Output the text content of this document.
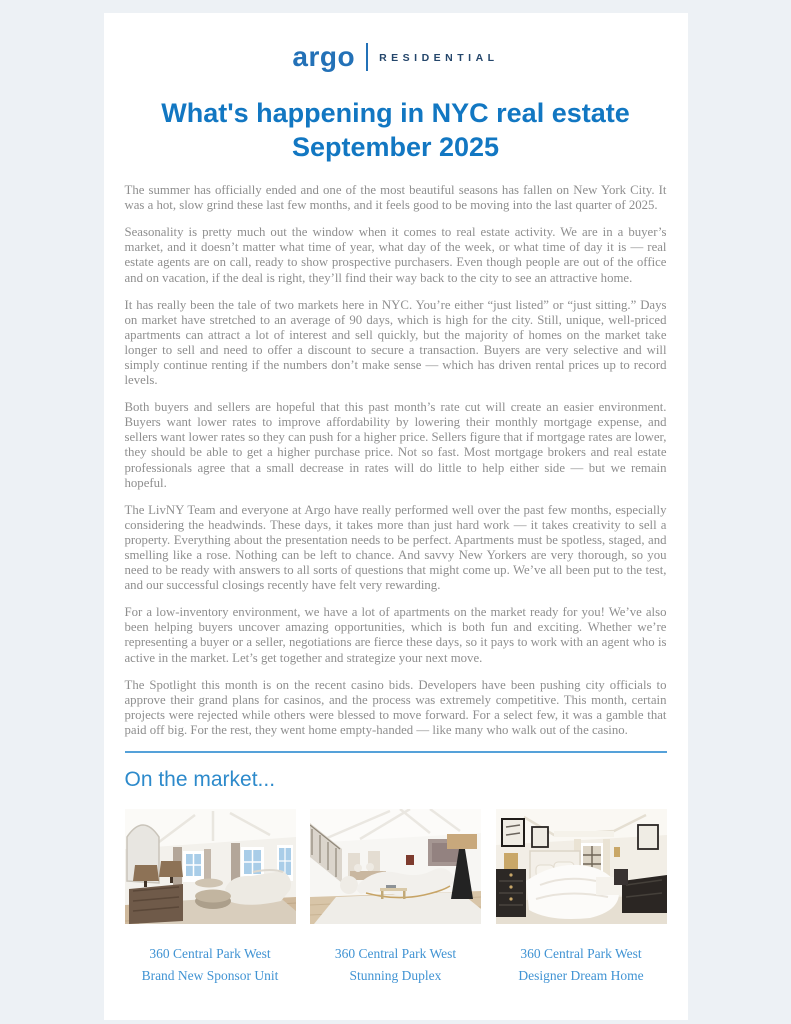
argo RESIDENTIAL
What's happening in NYC real estate
September 2025

The summer has officially ended and one of the most beautiful seasons has fallen on New York City. It was a hot, slow grind these last few months, and it feels good to be moving into the last quarter of 2025.

Seasonality is pretty much out the window when it comes to real estate activity. We are in a buyer’s market, and it doesn’t matter what time of year, what day of the week, or what time of day it is — real estate agents are on call, ready to show prospective purchasers. Even though people are out of the office and on vacation, if the deal is right, they’ll find their way back to the city to see an attractive home.

It has really been the tale of two markets here in NYC. You’re either “just listed” or “just sitting.” Days on market have stretched to an average of 90 days, which is high for the city. Still, unique, well-priced apartments can attract a lot of interest and sell quickly, but the majority of homes on the market take longer to sell and need to offer a discount to secure a transaction. Buyers are very selective and will simply continue renting if the numbers don’t make sense — which has driven rental prices up to record levels.

Both buyers and sellers are hopeful that this past month’s rate cut will create an easier environment. Buyers want lower rates to improve affordability by lowering their monthly mortgage expense, and sellers want lower rates so they can push for a higher price. Sellers figure that if mortgage rates are lower, they should be able to get a higher purchase price. Not so fast. Most mortgage brokers and real estate professionals agree that a small decrease in rates will do little to help either side — but we remain hopeful.

The LivNY Team and everyone at Argo have really performed well over the past few months, especially considering the headwinds. These days, it takes more than just hard work — it takes creativity to sell a property. Everything about the presentation needs to be perfect. Apartments must be spotless, staged, and smelling like a rose. Nothing can be left to chance. And savvy New Yorkers are very thorough, so you need to be ready with answers to all sorts of questions that might come up. We’ve all been put to the test, and our successful closings recently have felt very rewarding.

For a low-inventory environment, we have a lot of apartments on the market ready for you! We’ve also been helping buyers uncover amazing opportunities, which is both fun and exciting. Whether we’re representing a buyer or a seller, negotiations are fierce these days, so it pays to work with an agent who is active in the market. Let’s get together and strategize your next move.

The Spotlight this month is on the recent casino bids. Developers have been pushing city officials to approve their grand plans for casinos, and the process was extremely competitive. This month, certain projects were rejected while others were blessed to move forward. For a select few, it was a gamble that paid off big. For the rest, they went home empty-handed — like many who walk out of the casino.

On the market...
360 Central Park West
Brand New Sponsor Unit
360 Central Park West
Stunning Duplex
360 Central Park West
Designer Dream Home
